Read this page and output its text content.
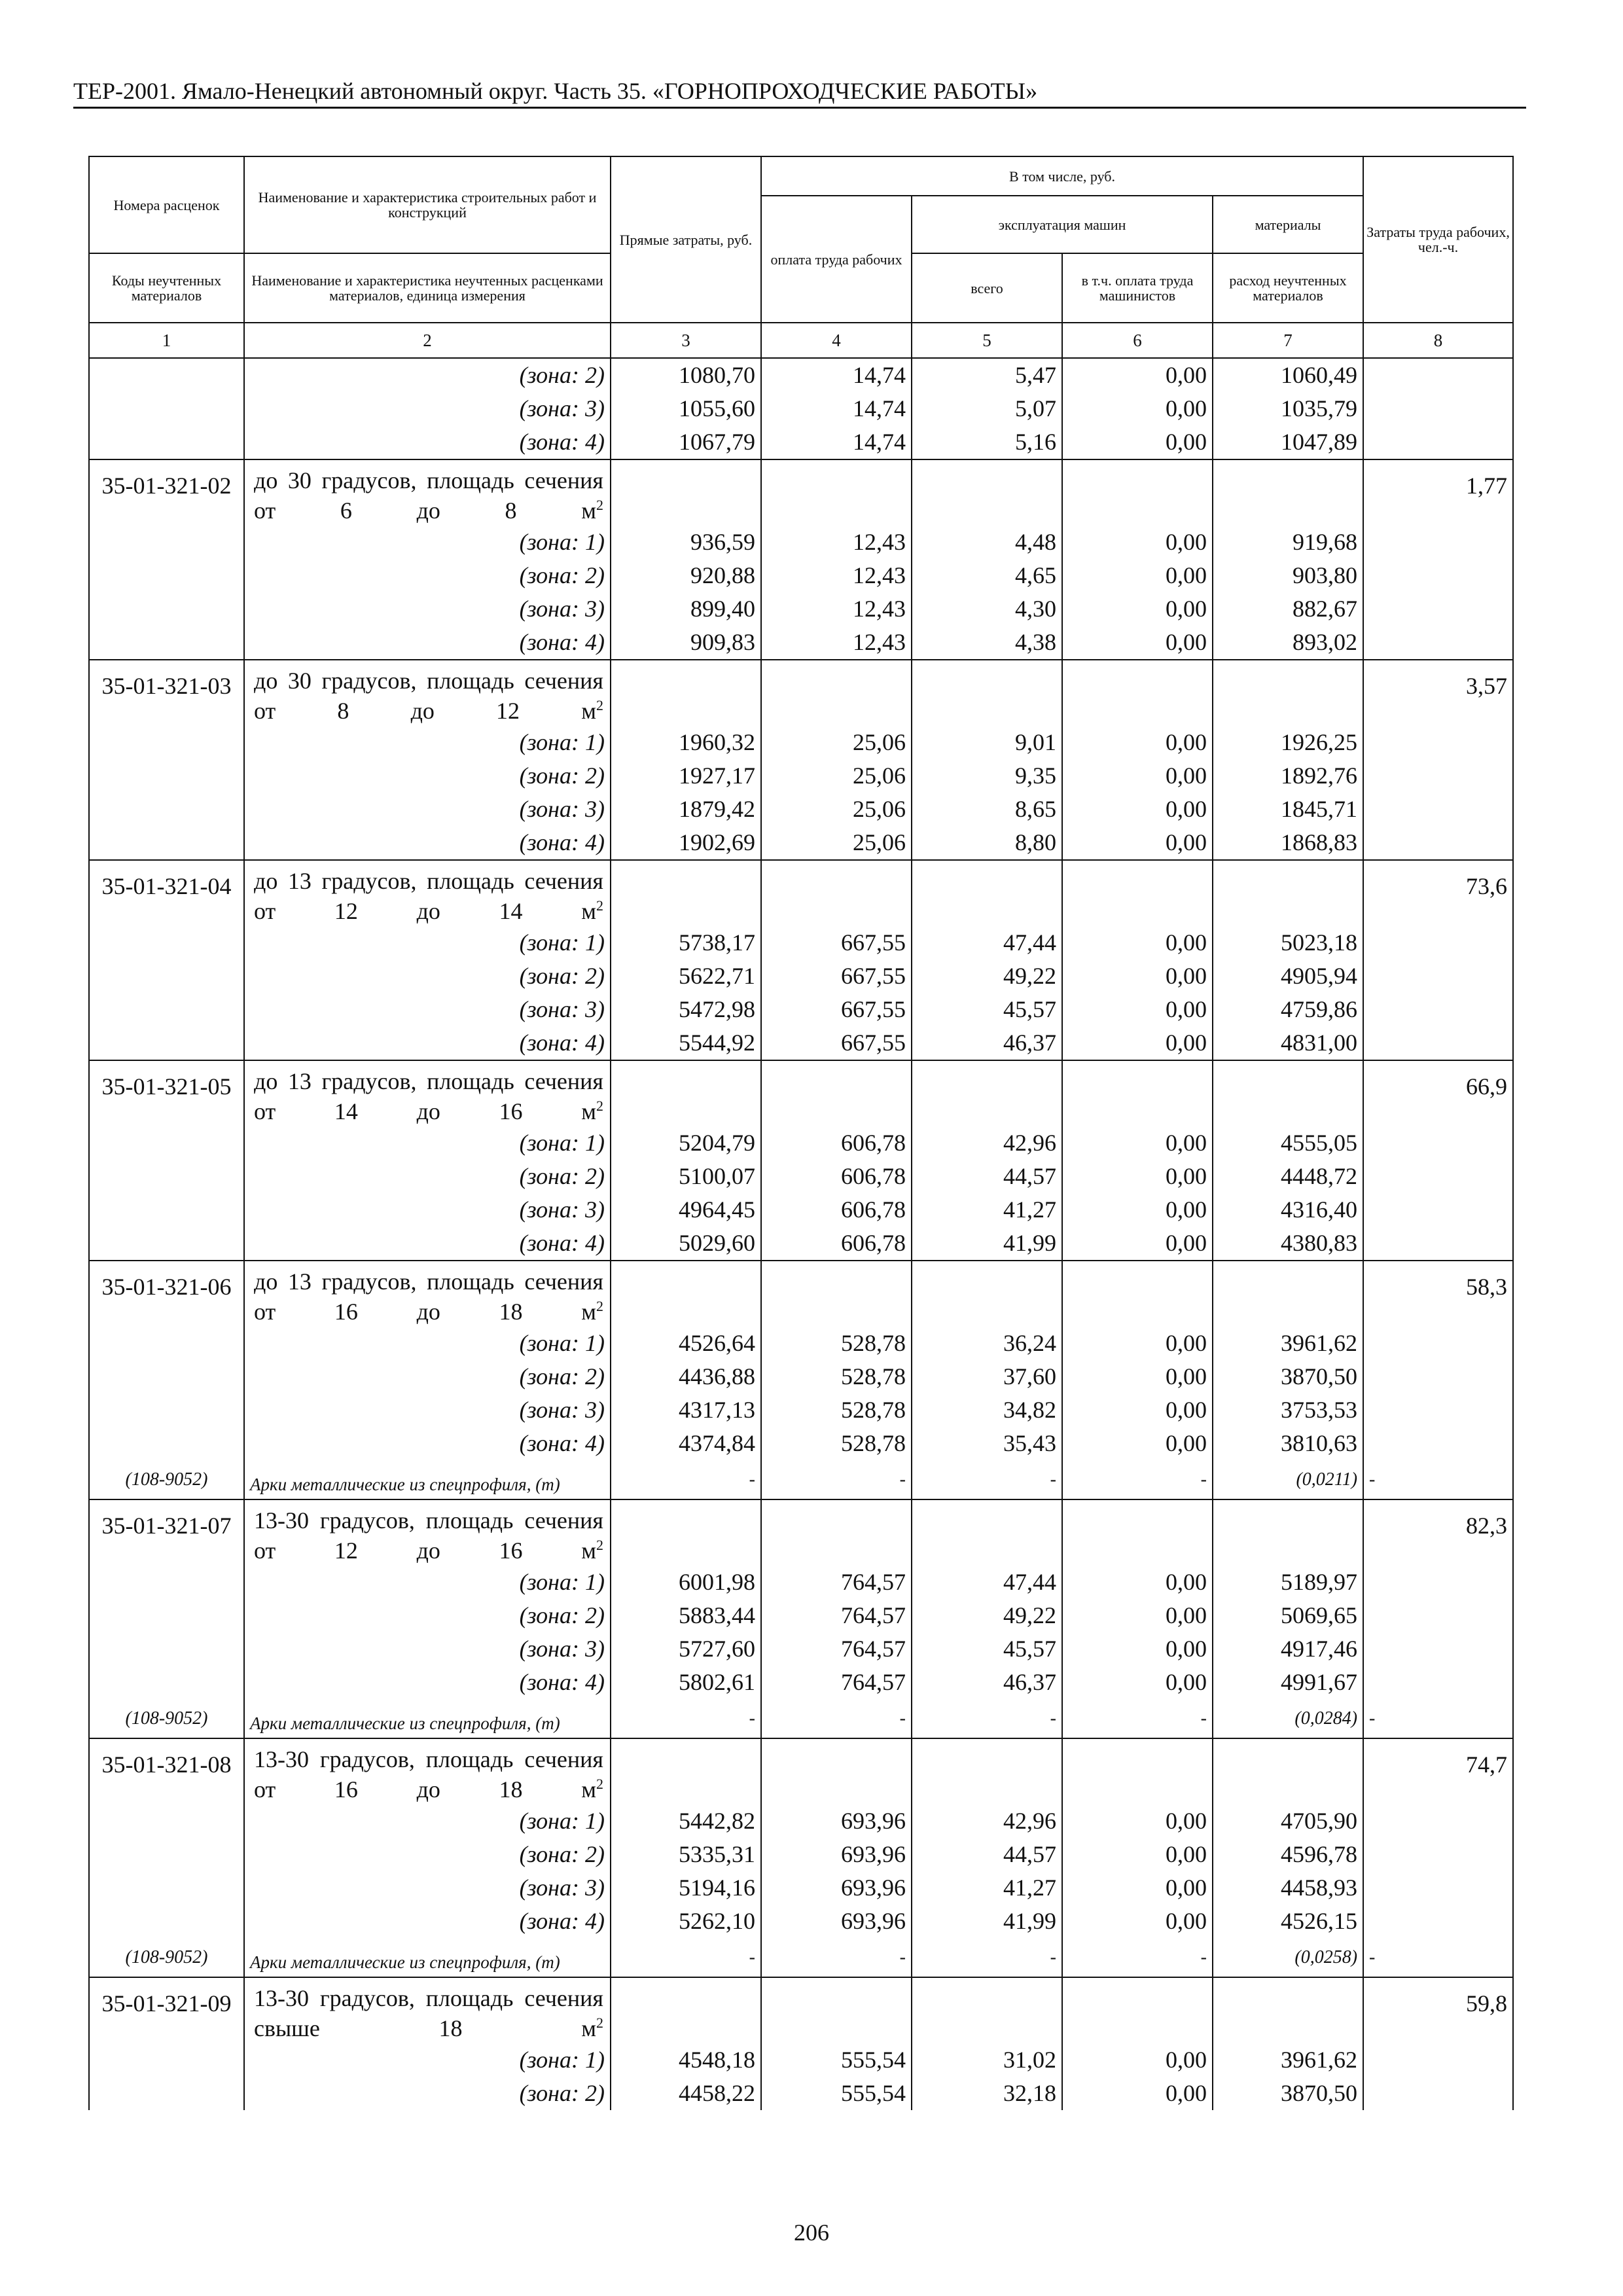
ТЕР-2001. Ямало-Ненецкий автономный округ. Часть 35. «ГОРНОПРОХОДЧЕСКИЕ РАБОТЫ»
Номера расценок	Наименование и характеристика строительных работ и конструкций	Прямые затраты, руб.	В том числе, руб.				Затраты труда рабочих, чел.-ч.
			оплата труда рабочих	эксплуатация машин		материалы	
Коды неучтенных материалов	Наименование и характеристика неучтенных расценками материалов, единица измерения			всего	в т.ч. оплата труда машинистов	расход неучтенных материалов	
1	2	3	4	5	6	7	8
	(зона: 2)	1080,70	14,74	5,47	0,00	1060,49	
	(зона: 3)	1055,60	14,74	5,07	0,00	1035,79	
	(зона: 4)	1067,79	14,74	5,16	0,00	1047,89	
35-01-321-02	до 30 градусов, площадь сечения от 6 до 8 $м^2$						1,77
	(зона: 1)	936,59	12,43	4,48	0,00	919,68	
	(зона: 2)	920,88	12,43	4,65	0,00	903,80	
	(зона: 3)	899,40	12,43	4,30	0,00	882,67	
	(зона: 4)	909,83	12,43	4,38	0,00	893,02	
35-01-321-03	до 30 градусов, площадь сечения от 8 до 12 $м^2$						3,57
	(зона: 1)	1960,32	25,06	9,01	0,00	1926,25	
	(зона: 2)	1927,17	25,06	9,35	0,00	1892,76	
	(зона: 3)	1879,42	25,06	8,65	0,00	1845,71	
	(зона: 4)	1902,69	25,06	8,80	0,00	1868,83	
35-01-321-04	до 13 градусов, площадь сечения от 12 до 14 $м^2$						73,6
	(зона: 1)	5738,17	667,55	47,44	0,00	5023,18	
	(зона: 2)	5622,71	667,55	49,22	0,00	4905,94	
	(зона: 3)	5472,98	667,55	45,57	0,00	4759,86	
	(зона: 4)	5544,92	667,55	46,37	0,00	4831,00	
35-01-321-05	до 13 градусов, площадь сечения от 14 до 16 $м^2$						66,9
	(зона: 1)	5204,79	606,78	42,96	0,00	4555,05	
	(зона: 2)	5100,07	606,78	44,57	0,00	4448,72	
	(зона: 3)	4964,45	606,78	41,27	0,00	4316,40	
	(зона: 4)	5029,60	606,78	41,99	0,00	4380,83	
35-01-321-06	до 13 градусов, площадь сечения от 16 до 18 $м^2$						58,3
	(зона: 1)	4526,64	528,78	36,24	0,00	3961,62	
	(зона: 2)	4436,88	528,78	37,60	0,00	3870,50	
	(зона: 3)	4317,13	528,78	34,82	0,00	3753,53	
	(зона: 4)	4374,84	528,78	35,43	0,00	3810,63	
(108-9052)	Арки металлические из спецпрофиля, (т)	-	-	-	-	(0,0211)	-
35-01-321-07	13-30 градусов, площадь сечения от 12 до 16 $м^2$						82,3
	(зона: 1)	6001,98	764,57	47,44	0,00	5189,97	
	(зона: 2)	5883,44	764,57	49,22	0,00	5069,65	
	(зона: 3)	5727,60	764,57	45,57	0,00	4917,46	
	(зона: 4)	5802,61	764,57	46,37	0,00	4991,67	
(108-9052)	Арки металлические из спецпрофиля, (т)	-	-	-	-	(0,0284)	-
35-01-321-08	13-30 градусов, площадь сечения от 16 до 18 $м^2$						74,7
	(зона: 1)	5442,82	693,96	42,96	0,00	4705,90	
	(зона: 2)	5335,31	693,96	44,57	0,00	4596,78	
	(зона: 3)	5194,16	693,96	41,27	0,00	4458,93	
	(зона: 4)	5262,10	693,96	41,99	0,00	4526,15	
(108-9052)	Арки металлические из спецпрофиля, (т)	-	-	-	-	(0,0258)	-
35-01-321-09	13-30 градусов, площадь сечения свыше 18 $м^2$						59,8
	(зона: 1)	4548,18	555,54	31,02	0,00	3961,62	
	(зона: 2)	4458,22	555,54	32,18	0,00	3870,50	
206
